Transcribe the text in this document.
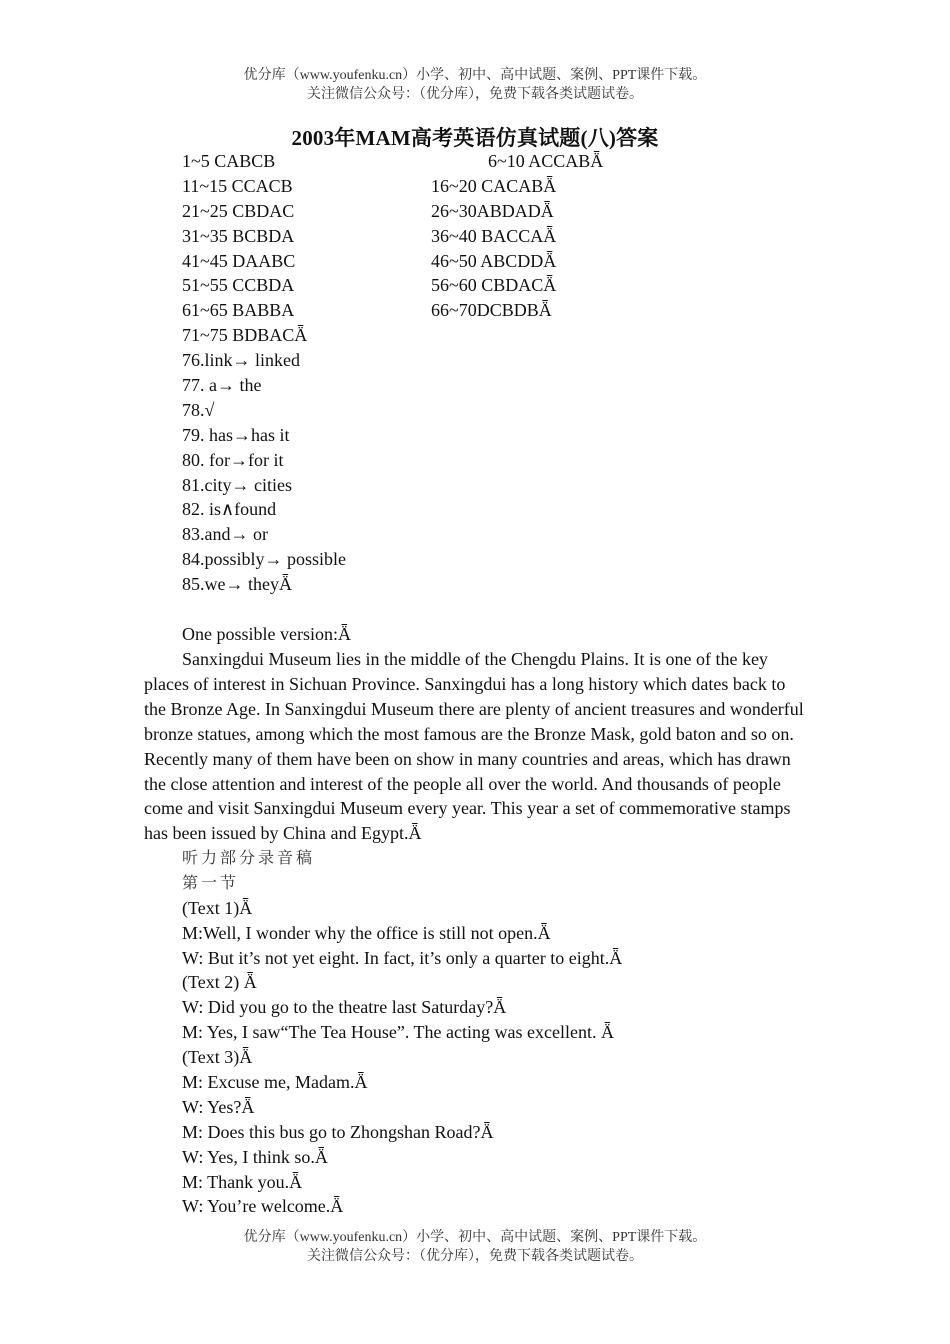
优分库（www.youfenku.cn）小学、初中、高中试题、案例、PPT课件下载。
关注微信公众号：（优分库），免费下载各类试题试卷。
2003年MAM高考英语仿真试题(八)答案
1~5 CABCB	6~10 ACCABǞ
11~15 CCACB	16~20 CACABǞ
21~25 CBDAC	26~30ABDADǞ
31~35 BCBDA	36~40 BACCAǞ
41~45 DAABC	46~50 ABCDDǞ
51~55 CCBDA	56~60 CBDACǞ
61~65 BABBA	66~70DCBDBǞ
71~75 BDBACǞ
76.link→ linked
77. a→ the
78.√
79. has→has it
80. for→for it
81.city→ cities
82. is∧found
83.and→ or
84.possibly→ possible
85.we→ theyǞ
One possible version:Ǟ
Sanxingdui Museum lies in the middle of the Chengdu Plains. It is one of the key places of interest in Sichuan Province. Sanxingdui has a long history which dates back to the Bronze Age. In Sanxingdui Museum there are plenty of ancient treasures and wonderful bronze statues, among which the most famous are the Bronze Mask, gold baton and so on. Recently many of them have been on show in many countries and areas, which has drawn the close attention and interest of the people all over the world. And thousands of people come and visit Sanxingdui Museum every year. This year a set of commemorative stamps has been issued by China and Egypt.Ǟ
听力部分录音稿
第一节
(Text 1)Ǟ
M:Well, I wonder why the office is still not open.Ǟ
W: But it’s not yet eight. In fact, it’s only a quarter to eight.Ǟ
(Text 2) Ǟ
W: Did you go to the theatre last Saturday?Ǟ
M: Yes, I saw“The Tea House”. The acting was excellent. Ǟ
(Text 3)Ǟ
M: Excuse me, Madam.Ǟ
W: Yes?Ǟ
M: Does this bus go to Zhongshan Road?Ǟ
W: Yes, I think so.Ǟ
M: Thank you.Ǟ
W: You’re welcome.Ǟ
优分库（www.youfenku.cn）小学、初中、高中试题、案例、PPT课件下载。
关注微信公众号：（优分库），免费下载各类试题试卷。
